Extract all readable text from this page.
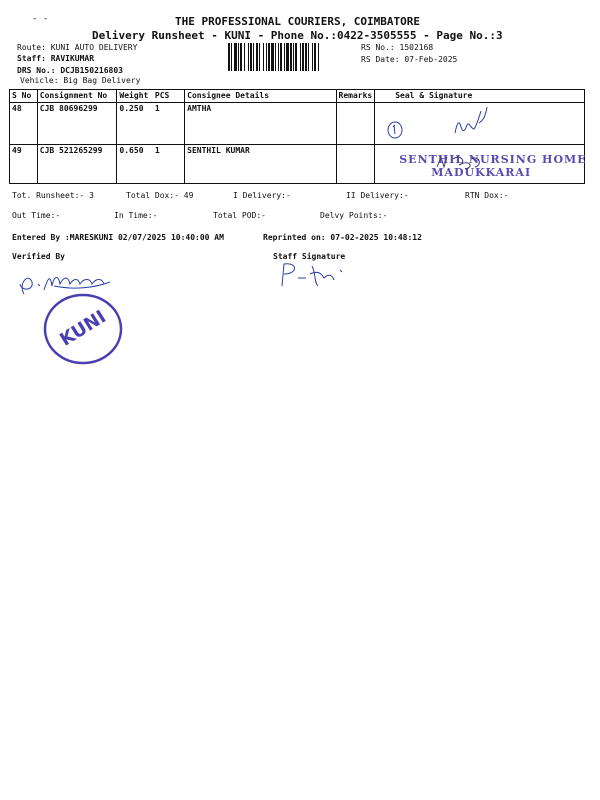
- -	THE PROFESSIONAL COURIERS, COIMBATORE
Delivery Runsheet - KUNI - Phone No.:0422-3505555 - Page No.:3
Route: KUNI AUTO DELIVERY
Staff: RAVIKUMAR
DRS No.: DCJB150216803
Vehicle: Big Bag Delivery
RS No.: 1502168
RS Date: 07-Feb-2025
S No	Consignment No	Weight	PCS	Consignee Details	Remarks	Seal & Signature
48	CJB 80696299	0.250	1	AMTHA		

49	CJB 521265299	0.650	1	SENTHIL KUMAR		SENTHIL NURSING HOME
MADUKKARAI
Tot. Runsheet:- 3	Total Dox:- 49	I Delivery:-	II Delivery:-	RTN Dox:-
Out Time:-	In Time:-	Total POD:-	Delvy Points:-
Entered By :MARESKUNI 02/07/2025 10:40:00 AM	Reprinted on: 07-02-2025 10:48:12
Verified By	Staff Signature
KUNI
